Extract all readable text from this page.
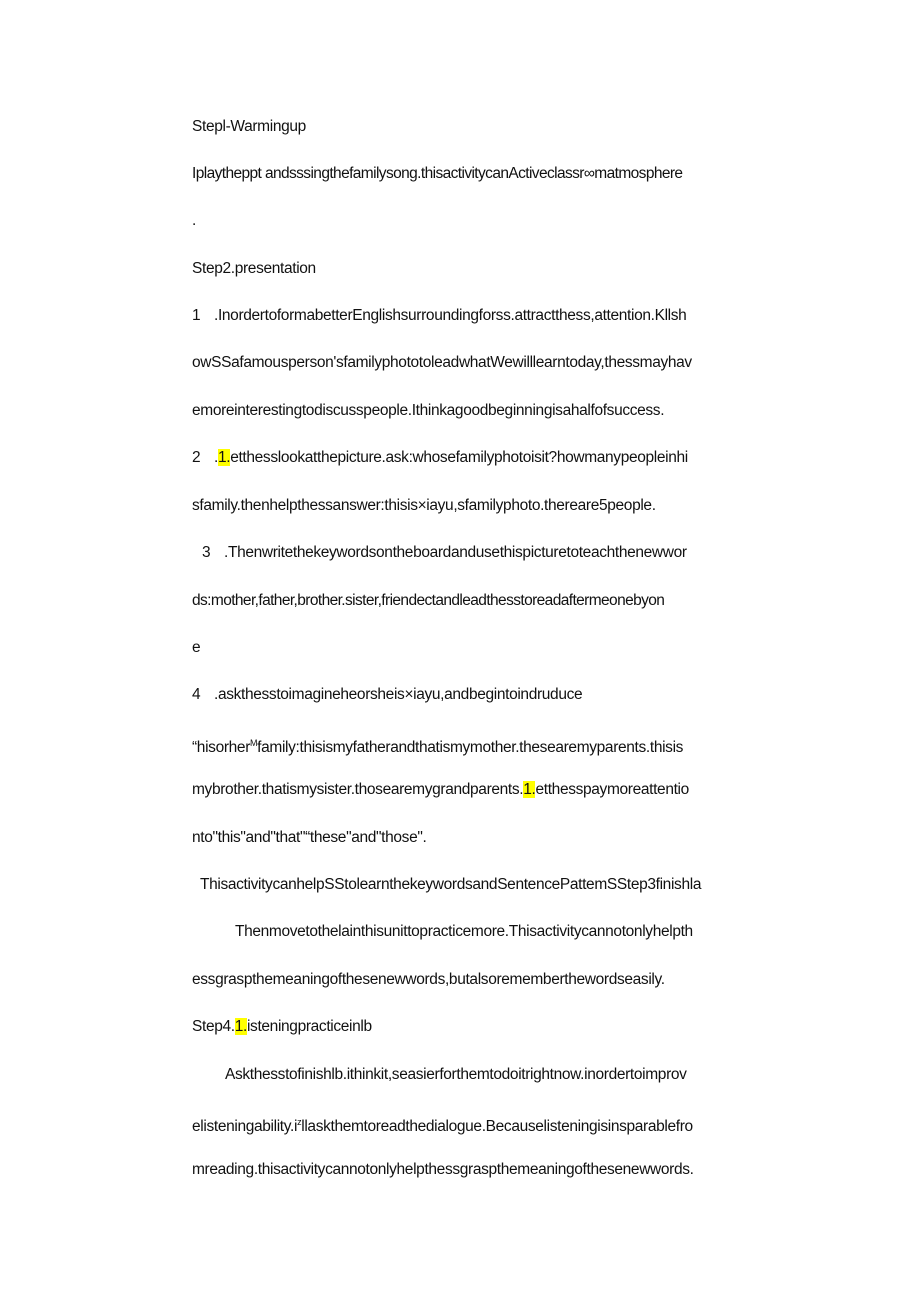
Stepl-Warmingup
Iplaytheppt andsssingthefamilysong.thisactivitycanActiveclassr∞matmosphere
.
Step2.presentation
1 .InordertoformabetterEnglishsurroundingforss.attractthess,attention.Kllsh
owSSafamousperson'sfamilyphototoleadwhatWewilllearntoday,thessmayhav
emoreinterestingtodiscusspeople.Ithinkagoodbeginningisahalfofsuccess.
2 .1.etthesslookatthepicture.ask:whosefamilyphotoisit?howmanypeopleinhi
sfamily.thenhelpthessanswer:thisis×iayu,sfamilyphoto.thereare5people.
3 .Thenwritethekeywordsontheboardandusethispicturetoteachthenewwor
ds:mother,father,brother.sister,friendectandleadthesstoreadaftermeonebyon
e
4 .askthesstoimagineheorsheis×iayu,andbegintoindruduce
“hisorher$^M$family:thisismyfatherandthatismymother.thesearemyparents.thisis
mybrother.thatismysister.thosearemygrandparents.1.etthesspaymoreattentio
nto"this"and"that"“these"and"those".
ThisactivitycanhelpSStolearnthekeywordsandSentencePattemSStep3finishla
Thenmovetothelainthisunittopracticemore.Thisactivitycannotonlyhelpth
essgraspthemeaningofthesenewwords,butalsorememberthewordseasily.
Step4.1.isteningpracticeinlb
Askthesstofinishlb.ithinkit,seasierforthemtodoitrightnow.inordertoimprov
$elisteningability.i^zllaskthemtoreadthedialogue.Becauselisteningisinsparablefro$
mreading.thisactivitycannotonlyhelpthessgraspthemeaningofthesenewwords.
